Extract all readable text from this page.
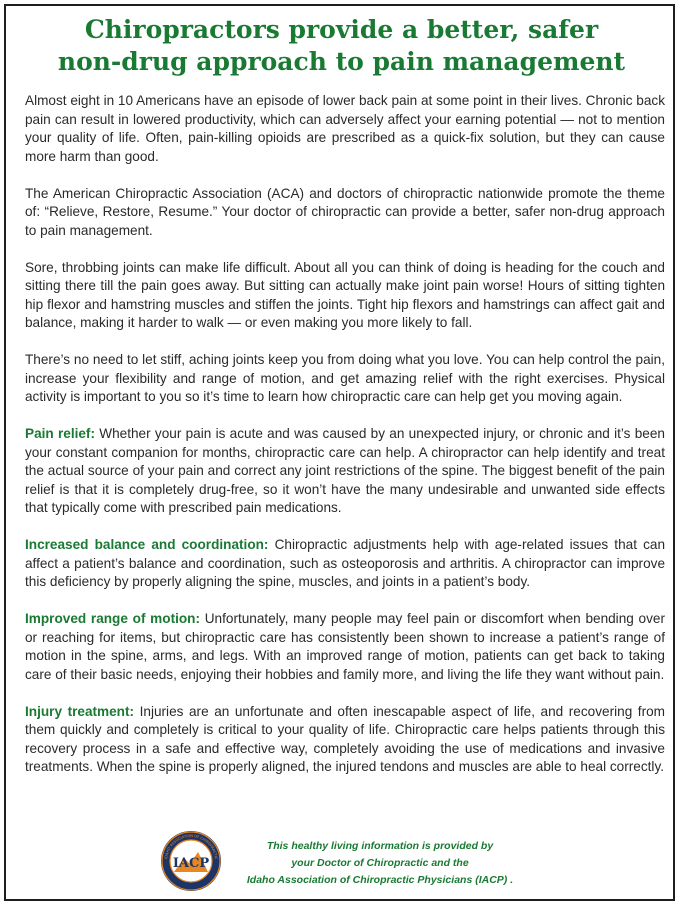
Chiropractors provide a better, safer
non-drug approach to pain management

Almost eight in 10 Americans have an episode of lower back pain at some point in their lives. Chronic back pain can result in lowered productivity, which can adversely affect your earning potential — not to mention your quality of life. Often, pain-killing opioids are prescribed as a quick-fix solution, but they can cause more harm than good.

The American Chiropractic Association (ACA) and doctors of chiropractic nationwide promote the theme of: “Relieve, Restore, Resume.” Your doctor of chiropractic can provide a better, safer non-drug approach to pain management.

Sore, throbbing joints can make life difficult. About all you can think of doing is heading for the couch and sitting there till the pain goes away. But sitting can actually make joint pain worse! Hours of sitting tighten hip flexor and hamstring muscles and stiffen the joints. Tight hip flexors and hamstrings can affect gait and balance, making it harder to walk — or even making you more likely to fall.

There’s no need to let stiff, aching joints keep you from doing what you love. You can help control the pain, increase your flexibility and range of motion, and get amazing relief with the right exercises. Physical activity is important to you so it’s time to learn how chiropractic care can help get you moving again.

Pain relief: Whether your pain is acute and was caused by an unexpected injury, or chronic and it’s been your constant companion for months, chiropractic care can help. A chiropractor can help identify and treat the actual source of your pain and correct any joint restrictions of the spine. The biggest benefit of the pain relief is that it is completely drug-free, so it won’t have the many undesirable and unwanted side effects that typically come with prescribed pain medications.

Increased balance and coordination: Chiropractic adjustments help with age-related issues that can affect a patient’s balance and coordination, such as osteoporosis and arthritis. A chiropractor can improve this deficiency by properly aligning the spine, muscles, and joints in a patient’s body.

Improved range of motion: Unfortunately, many people may feel pain or discomfort when bending over or reaching for items, but chiropractic care has consistently been shown to increase a patient’s range of motion in the spine, arms, and legs. With an improved range of motion, patients can get back to taking care of their basic needs, enjoying their hobbies and family more, and living the life they want without pain.

Injury treatment: Injuries are an unfortunate and often inescapable aspect of life, and recovering from them quickly and completely is critical to your quality of life. Chiropractic care helps patients through this recovery process in a safe and effective way, completely avoiding the use of medications and invasive treatments. When the spine is properly aligned, the injured tendons and muscles are able to heal correctly.

IACP
IDAHO ASSOCIATION OF CHIROPRACTIC
This healthy living information is provided by
your Doctor of Chiropractic and the
Idaho Association of Chiropractic Physicians (IACP) .
